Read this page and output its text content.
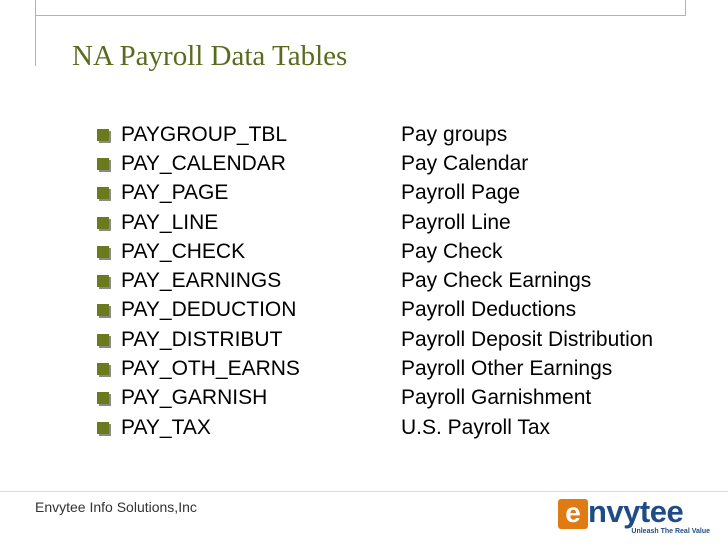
NA Payroll Data Tables
PAYGROUP_TBL	Pay groups
PAY_CALENDAR	Pay Calendar
PAY_PAGE	Payroll Page
PAY_LINE	Payroll Line
PAY_CHECK	Pay Check
PAY_EARNINGS	Pay Check Earnings
PAY_DEDUCTION	Payroll Deductions
PAY_DISTRIBUT	Payroll Deposit Distribution
PAY_OTH_EARNS	Payroll Other Earnings
PAY_GARNISH	Payroll Garnishment
PAY_TAX	U.S. Payroll Tax
Envytee Info Solutions,Inc	e nvytee
Unleash The Real Value
